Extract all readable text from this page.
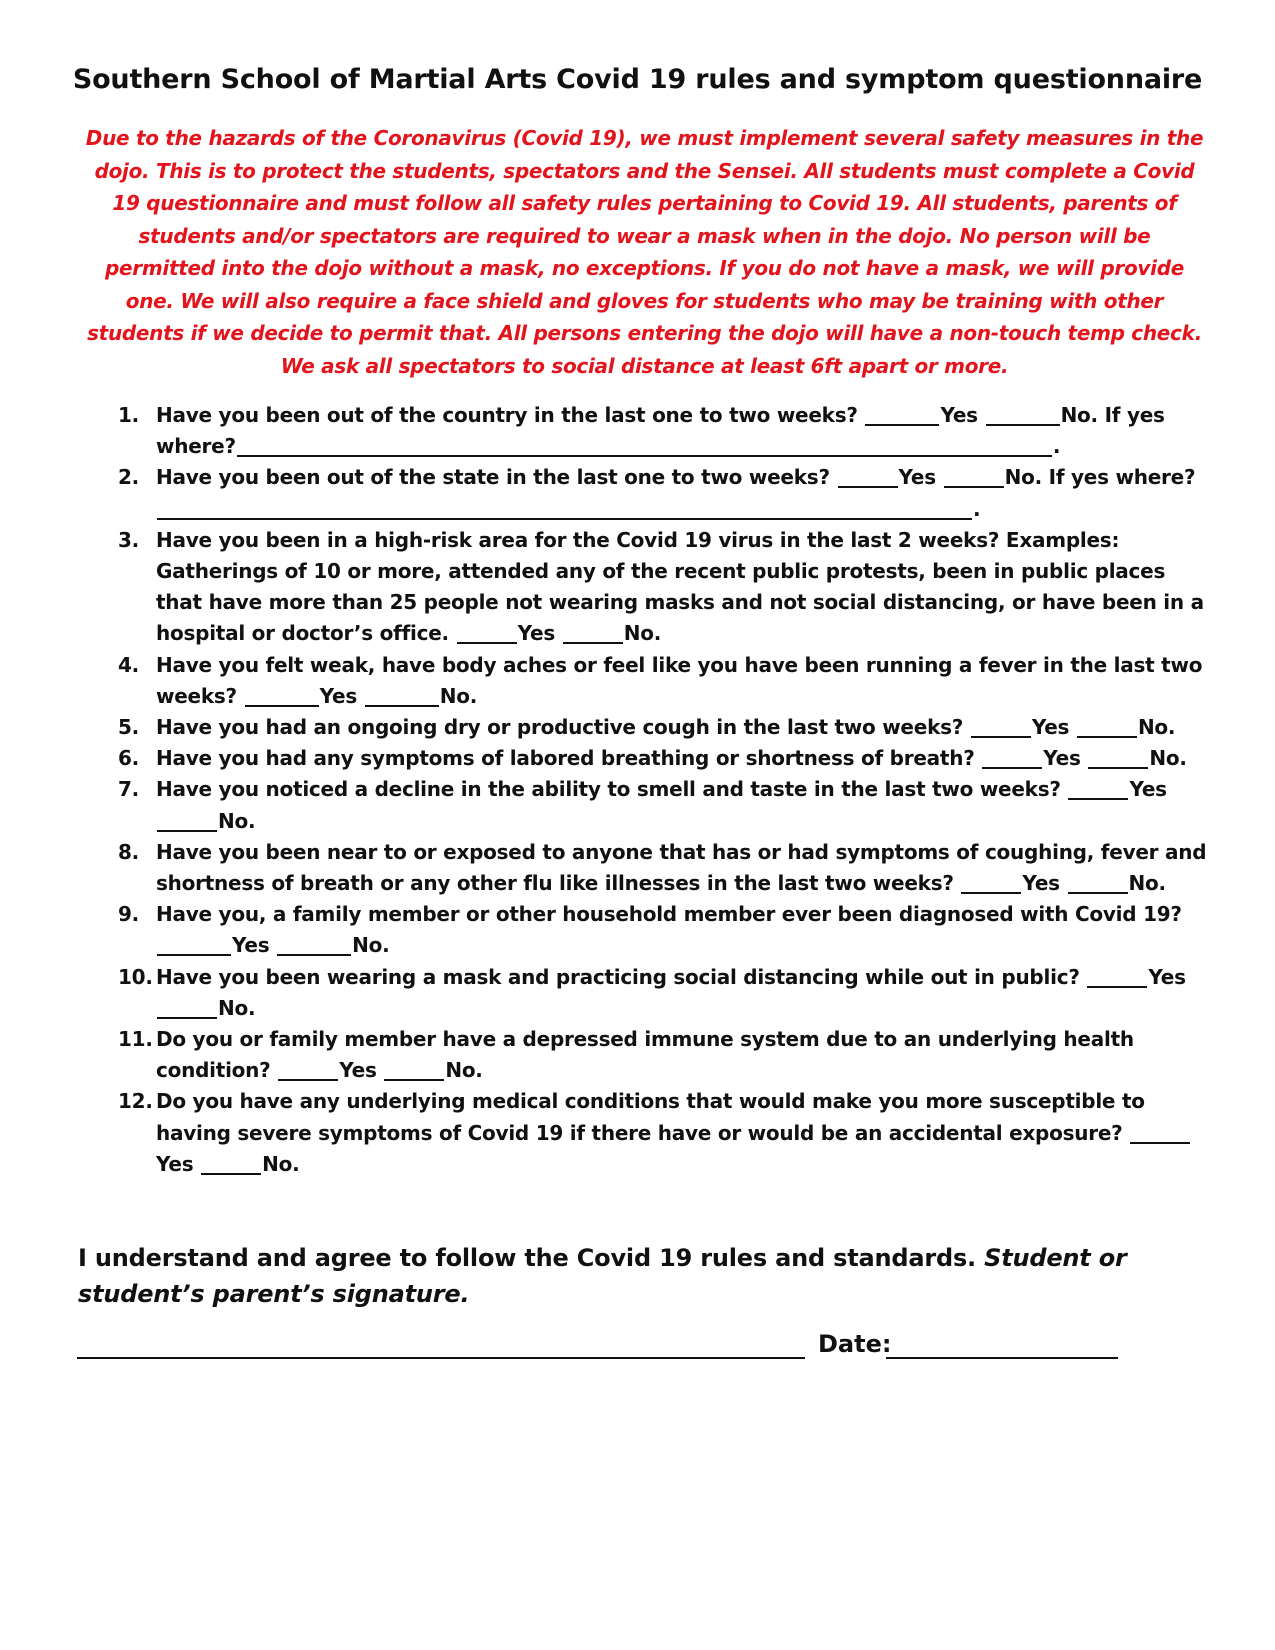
Southern School of Martial Arts Covid 19 rules and symptom questionnaire
Due to the hazards of the Coronavirus (Covid 19), we must implement several safety measures in the dojo. This is to protect the students, spectators and the Sensei. All students must complete a Covid 19 questionnaire and must follow all safety rules pertaining to Covid 19. All students, parents of students and/or spectators are required to wear a mask when in the dojo. No person will be permitted into the dojo without a mask, no exceptions. If you do not have a mask, we will provide one. We will also require a face shield and gloves for students who may be training with other students if we decide to permit that. All persons entering the dojo will have a non-touch temp check. We ask all spectators to social distance at least 6ft apart or more.
1. Have you been out of the country in the last one to two weeks?	Yes	No. If yes where?	.
2. Have you been out of the state in the last one to two weeks?	Yes	No. If yes where?.
3. Have you been in a high-risk area for the Covid 19 virus in the last 2 weeks? Examples: Gatherings of 10 or more, attended any of the recent public protests, been in public places that have more than 25 people not wearing masks and not social distancing, or have been in a hospital or doctor’s office.	Yes	No.
4. Have you felt weak, have body aches or feel like you have been running a fever in the last two weeks?	Yes	No.
5. Have you had an ongoing dry or productive cough in the last two weeks?	Yes	No.
6. Have you had any symptoms of labored breathing or shortness of breath?	Yes	No.
7. Have you noticed a decline in the ability to smell and taste in the last two weeks?	Yes No.
8. Have you been near to or exposed to anyone that has or had symptoms of coughing, fever and shortness of breath or any other flu like illnesses in the last two weeks?	Yes	No.
9. Have you, a family member or other household member ever been diagnosed with Covid 19? Yes	No.
10. Have you been wearing a mask and practicing social distancing while out in public?	Yes No.
11. Do you or family member have a depressed immune system due to an underlying health condition?	Yes	No.
12. Do you have any underlying medical conditions that would make you more susceptible to having severe symptoms of Covid 19 if there have or would be an accidental exposure? Yes	No.
I understand and agree to follow the Covid 19 rules and standards. Student or student’s parent’s signature.
Date:
